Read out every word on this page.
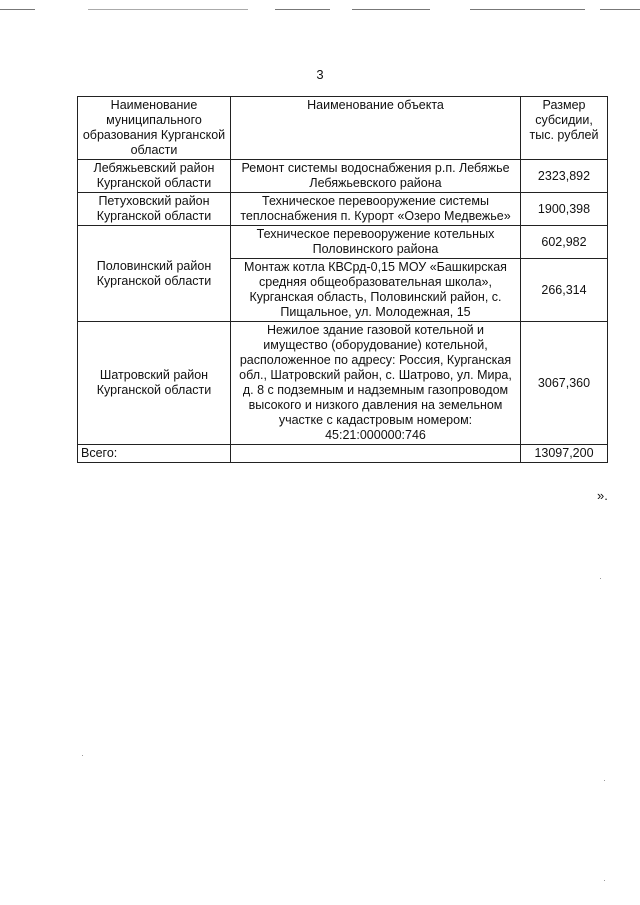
3
Наименование муниципального образования Курганской области	Наименование объекта	Размер субсидии, тыс. рублей
Лебяжьевский район Курганской области	Ремонт системы водоснабжения р.п. Лебяжье Лебяжьевского района	2323,892
Петуховский район Курганской области	Техническое перевооружение системы теплоснабжения п. Курорт «Озеро Медвежье»	1900,398
Половинский район Курганской области	Техническое перевооружение котельных Половинского района	602,982
	Монтаж котла КВСрд-0,15 МОУ «Башкирская средняя общеобразовательная школа», Курганская область, Половинский район, с. Пищальное, ул. Молодежная, 15	266,314
Шатровский район Курганской области	Нежилое здание газовой котельной и имущество (оборудование) котельной, расположенное по адресу: Россия, Курганская обл., Шатровский район, с. Шатрово, ул. Мира, д. 8 с подземным и надземным газопроводом высокого и низкого давления на земельном участке с кадастровым номером: 45:21:000000:746	3067,360
Всего:		13097,200
».
